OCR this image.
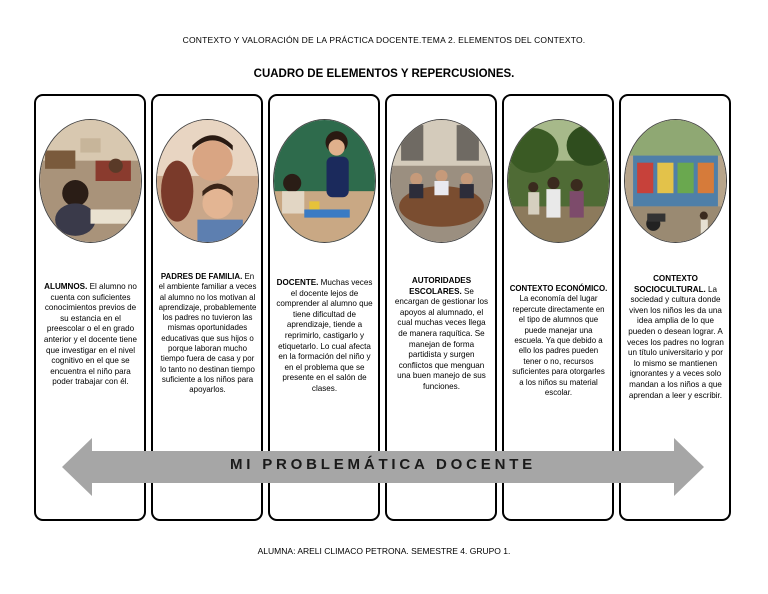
CONTEXTO Y VALORACIÓN DE LA PRÁCTICA DOCENTE.TEMA 2. ELEMENTOS DEL CONTEXTO.
CUADRO DE ELEMENTOS Y REPERCUSIONES.
ALUMNOS. El alumno no cuenta con suficientes conocimientos previos de su estancia en el preescolar o el en grado anterior y el docente tiene que investigar en el nivel cognitivo en el que se encuentra el niño para poder trabajar con él.
PADRES DE FAMILIA. En el ambiente familiar a veces al alumno no los motivan al aprendizaje, probablemente los padres no tuvieron las mismas oportunidades educativas que sus hijos o porque laboran mucho tiempo fuera de casa y por lo tanto no destinan tiempo suficiente a los niños para apoyarlos.
DOCENTE. Muchas veces el docente lejos de comprender al alumno que tiene dificultad de aprendizaje, tiende a reprimirlo, castigarlo y etiquetarlo. Lo cual afecta en la formación del niño y en el problema que se presente en el salón de clases.
AUTORIDADES ESCOLARES. Se encargan de gestionar los apoyos al alumnado, el cual muchas veces llega de manera raquítica. Se manejan de forma partidista y surgen conflictos que menguan una buen manejo de sus funciones.
CONTEXTO ECONÓMICO. La economía del lugar repercute directamente en el tipo de alumnos que puede manejar una escuela. Ya que debido a ello los padres pueden tener o no, recursos suficientes para otorgarles a los niños su material escolar.
CONTEXTO SOCIOCULTURAL. La sociedad y cultura donde viven los niños les da una idea amplia de lo que pueden o desean lograr. A veces los padres no logran un título universitario y por lo mismo se mantienen ignorantes y a veces solo mandan a los niños a que aprendan a leer y escribir.
MI PROBLEMÁTICA DOCENTE
ALUMNA: ARELI CLIMACO PETRONA. SEMESTRE 4. GRUPO 1.
